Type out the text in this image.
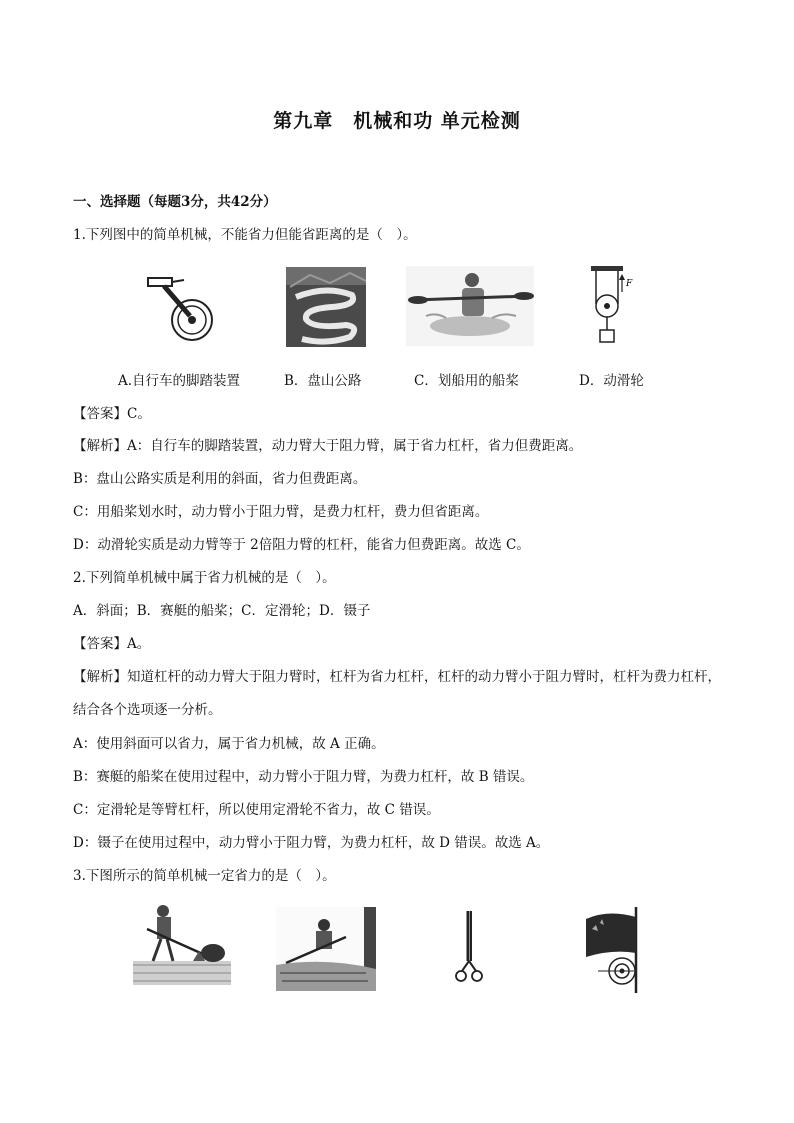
第九章　机械和功 单元检测
一、选择题（每题3分，共42分）
1.下列图中的简单机械，不能省力但能省距离的是（　）。
F
A.自行车的脚踏装置	B．盘山公路	C．划船用的船桨	D．动滑轮
【答案】C。
【解析】A：自行车的脚踏装置，动力臂大于阻力臂，属于省力杠杆，省力但费距离。
B：盘山公路实质是利用的斜面，省力但费距离。
C：用船桨划水时，动力臂小于阻力臂，是费力杠杆，费力但省距离。
D：动滑轮实质是动力臂等于 2倍阻力臂的杠杆，能省力但费距离。故选 C。
2.下列简单机械中属于省力机械的是（　）。
A．斜面；B．赛艇的船桨；C．定滑轮；D．镊子
【答案】A。
【解析】知道杠杆的动力臂大于阻力臂时，杠杆为省力杠杆，杠杆的动力臂小于阻力臂时，杠杆为费力杠杆，结合各个选项逐一分析。
A：使用斜面可以省力，属于省力机械，故 A 正确。
B：赛艇的船桨在使用过程中，动力臂小于阻力臂，为费力杠杆，故 B 错误。
C：定滑轮是等臂杠杆，所以使用定滑轮不省力，故 C 错误。
D：镊子在使用过程中，动力臂小于阻力臂，为费力杠杆，故 D 错误。故选 A。
3.下图所示的简单机械一定省力的是（　）。
